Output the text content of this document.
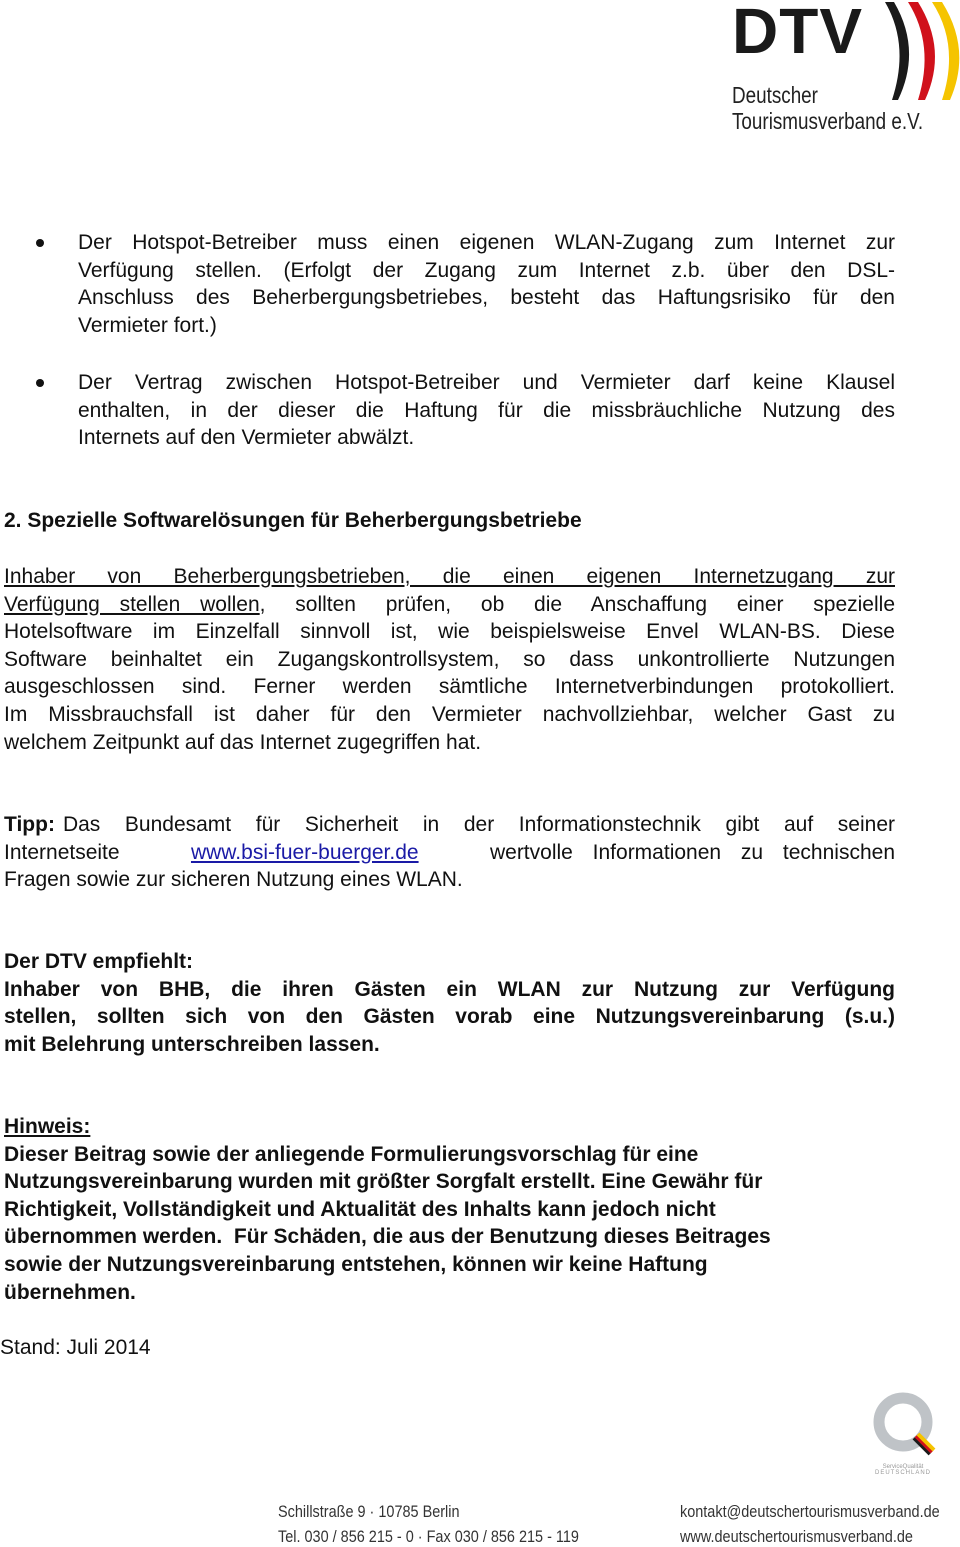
DTV
Deutscher
Tourismusverband e.V.
Der Hotspot-Betreiber muss einen eigenen WLAN-Zugang zum Internet zur
Verfügung stellen. (Erfolgt der Zugang zum Internet z.b. über den DSL-
Anschluss des Beherbergungsbetriebes, besteht das Haftungsrisiko für den
Vermieter fort.)
Der Vertrag zwischen Hotspot-Betreiber und Vermieter darf keine Klausel
enthalten, in der dieser die Haftung für die missbräuchliche Nutzung des
Internets auf den Vermieter abwälzt.
2. Spezielle Softwarelösungen für Beherbergungsbetriebe
Inhaber von Beherbergungsbetrieben, die einen eigenen Internetzugang zur
Verfügung stellen wollen , sollten prüfen, ob die Anschaffung einer spezielle
Hotelsoftware im Einzelfall sinnvoll ist, wie beispielsweise Envel WLAN-BS. Diese
Software beinhaltet ein Zugangskontrollsystem, so dass unkontrollierte Nutzungen
ausgeschlossen sind. Ferner werden sämtliche Internetverbindungen protokolliert.
Im Missbrauchsfall ist daher für den Vermieter nachvollziehbar, welcher Gast zu
welchem Zeitpunkt auf das Internet zugegriffen hat.
Tipp: Das Bundesamt für Sicherheit in der Informationstechnik gibt auf seiner
Internetseite	www.bsi-fuer-buerger.de	wertvolle Informationen zu technischen
Fragen sowie zur sicheren Nutzung eines WLAN.
Der DTV empfiehlt:
Inhaber von BHB, die ihren Gästen ein WLAN zur Nutzung zur Verfügung
stellen, sollten sich von den Gästen vorab eine Nutzungsvereinbarung (s.u.)
mit Belehrung unterschreiben lassen.
Hinweis:
Dieser Beitrag sowie der anliegende Formulierungsvorschlag für eine
Nutzungsvereinbarung wurden mit größter Sorgfalt erstellt. Eine Gewähr für
Richtigkeit, Vollständigkeit und Aktualität des Inhalts kann jedoch nicht
übernommen werden.  Für Schäden, die aus der Benutzung dieses Beitrages
sowie der Nutzungsvereinbarung entstehen, können wir keine Haftung
übernehmen.
Stand: Juli 2014
ServiceQualität
DEUTSCHLAND
Schillstraße 9 · 10785 Berlin
Tel. 030 / 856 215 - 0 · Fax 030 / 856 215 - 119
kontakt@deutschertourismusverband.de
www.deutschertourismusverband.de
